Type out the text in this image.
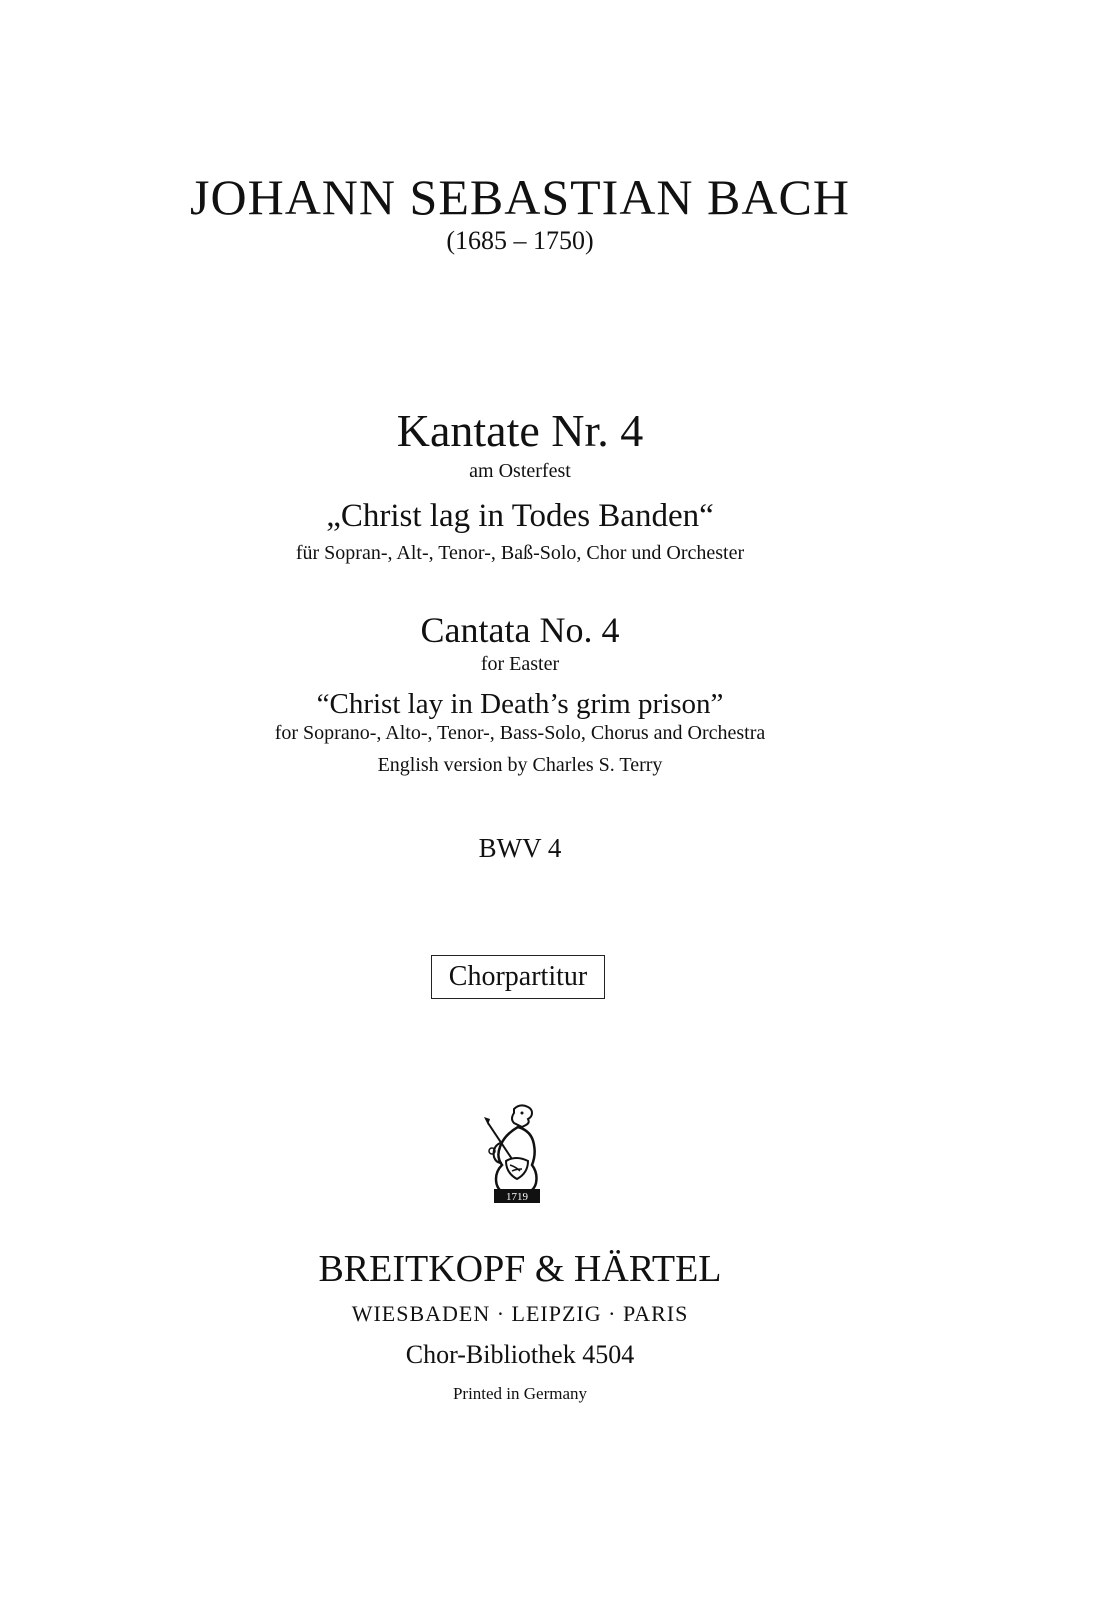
JOHANN SEBASTIAN BACH
(1685 – 1750)
Kantate Nr. 4
am Osterfest
„Christ lag in Todes Banden“
für Sopran-, Alt-, Tenor-, Baß-Solo, Chor und Orchester
Cantata No. 4
for Easter
“Christ lay in Death’s grim prison”
for Soprano-, Alto-, Tenor-, Bass-Solo, Chorus and Orchestra
English version by Charles S. Terry
BWV 4
Chorpartitur
1719
BREITKOPF & HÄRTEL
WIESBADEN · LEIPZIG · PARIS
Chor-Bibliothek 4504
Printed in Germany
